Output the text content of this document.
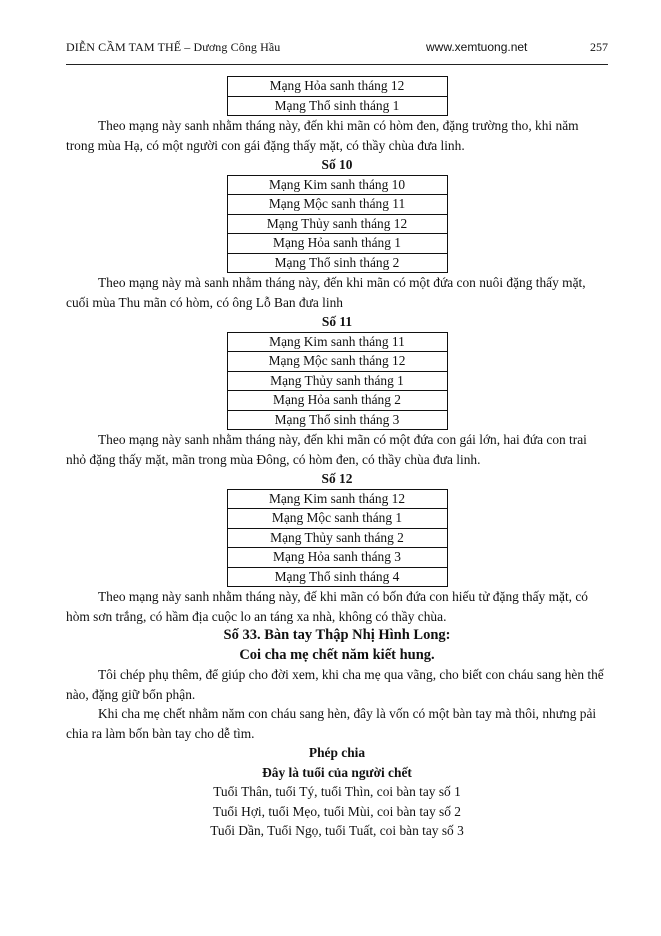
DIỄN CẦM TAM THẾ – Dương Công Hầu	www.xemtuong.net	257
Mạng Hỏa sanh tháng 12
Mạng Thổ sinh tháng 1

Theo mạng này sanh nhằm tháng này, đến khi mãn có hòm đen, đặng trường tho, khi năm trong mùa Hạ, có một người con gái đặng thấy mặt, có thầy chùa đưa linh.

Số 10
Mạng Kim sanh tháng 10
Mạng Mộc sanh tháng 11
Mạng Thủy sanh tháng 12
Mạng Hỏa sanh tháng 1
Mạng Thổ sinh tháng 2

Theo mạng này mà sanh nhằm tháng này, đến khi mãn có một đứa con nuôi đặng thấy mặt, cuối mùa Thu mãn có hòm, có ông Lỗ Ban đưa linh

Số 11
Mạng Kim sanh tháng 11
Mạng Mộc sanh tháng 12
Mạng Thủy sanh tháng 1
Mạng Hỏa sanh tháng 2
Mạng Thổ sinh tháng 3

Theo mạng này sanh nhằm tháng này, đến khi mãn có một đứa con gái lớn, hai đứa con trai nhỏ đặng thấy mặt, mãn trong mùa Đông, có hòm đen, có thầy chùa đưa linh.

Số 12
Mạng Kim sanh tháng 12
Mạng Mộc sanh tháng 1
Mạng Thủy sanh tháng 2
Mạng Hỏa sanh tháng 3
Mạng Thổ sinh tháng 4

Theo mạng này sanh nhằm tháng này, đế khi mãn có bốn đứa con hiếu tử đặng thấy mặt, có hòm sơn trắng, có hầm địa cuộc lo an táng xa nhà, không có thầy chùa.

Số 33. Bàn tay Thập Nhị Hình Long:
Coi cha mẹ chết năm kiết hung.

Tôi chép phụ thêm, để giúp cho đời xem, khi cha mẹ qua vãng, cho biết con cháu sang hèn thế nào, đặng giữ bổn phận.

Khi cha mẹ chết nhằm năm con cháu sang hèn, đây là vốn có một bàn tay mà thôi, nhưng pải chia ra làm bốn bàn tay cho dễ tìm.

Phép chia
Đây là tuổi của người chết
Tuổi Thân, tuổi Tý, tuổi Thìn, coi bàn tay số 1
Tuổi Hợi, tuổi Mẹo, tuổi Mùi, coi bàn tay số 2
Tuổi Dần, Tuổi Ngọ, tuổi Tuất, coi bàn tay số 3
